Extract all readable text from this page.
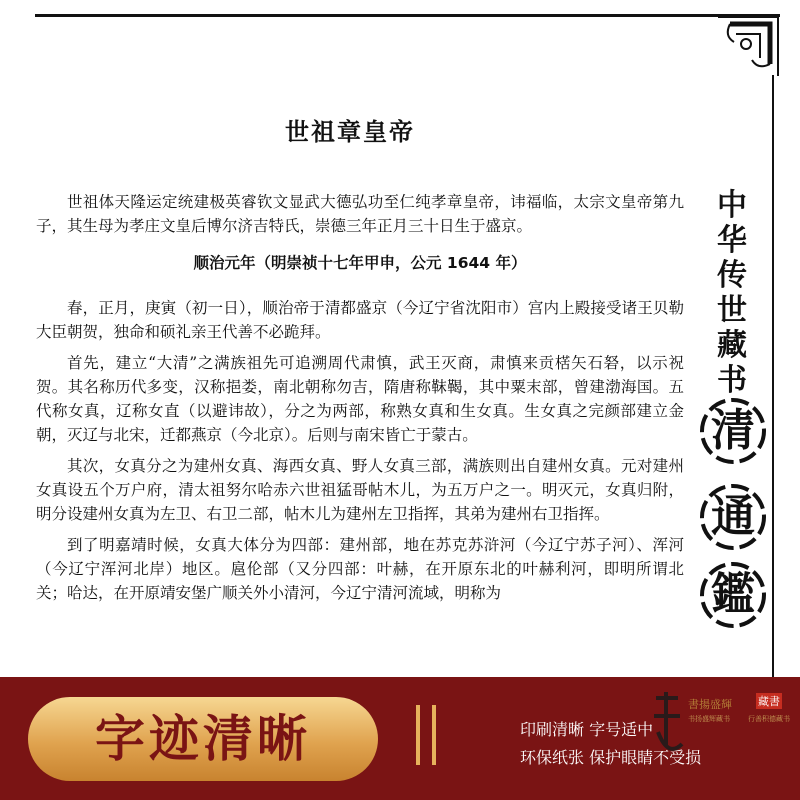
世祖章皇帝

世祖体天隆运定统建极英睿钦文显武大德弘功至仁纯孝章皇帝，讳福临，太宗文皇帝第九子，其生母为孝庄文皇后博尔济吉特氏，崇德三年正月三十日生于盛京。

顺治元年（明崇祯十七年甲申，公元 1644 年）

春，正月，庚寅（初一日），顺治帝于清都盛京（今辽宁省沈阳市）宫内上殿接受诸王贝勒大臣朝贺，独命和硕礼亲王代善不必跪拜。

首先，建立“大清”之满族祖先可追溯周代肃慎，武王灭商，肃慎来贡楛矢石砮，以示祝贺。其名称历代多变，汉称挹娄，南北朝称勿吉，隋唐称靺鞨，其中粟末部，曾建渤海国。五代称女真，辽称女直（以避讳故），分之为两部，称熟女真和生女真。生女真之完颜部建立金朝，灭辽与北宋，迁都燕京（今北京）。后则与南宋皆亡于蒙古。

其次，女真分之为建州女真、海西女真、野人女真三部，满族则出自建州女真。元对建州女真设五个万户府，清太祖努尔哈赤六世祖猛哥帖木儿，为五万户之一。明灭元，女真归附，明分设建州女真为左卫、右卫二部，帖木儿为建州左卫指挥，其弟为建州右卫指挥。

到了明嘉靖时候，女真大体分为四部：建州部，地在苏克苏浒河（今辽宁苏子河）、浑河（今辽宁浑河北岸）地区。扈伦部（又分四部：叶赫，在开原东北的叶赫利河，即明所谓北关；哈达，在开原靖安堡广顺关外小清河，今辽宁清河流域，明称为

中
华
传
世
藏
书
清
通
鑑
字迹清晰	印刷清晰 字号适中
环保纸张 保护眼睛不受损
書揚盛輝 藏書
书扬盛辉藏书	行善积德藏书
